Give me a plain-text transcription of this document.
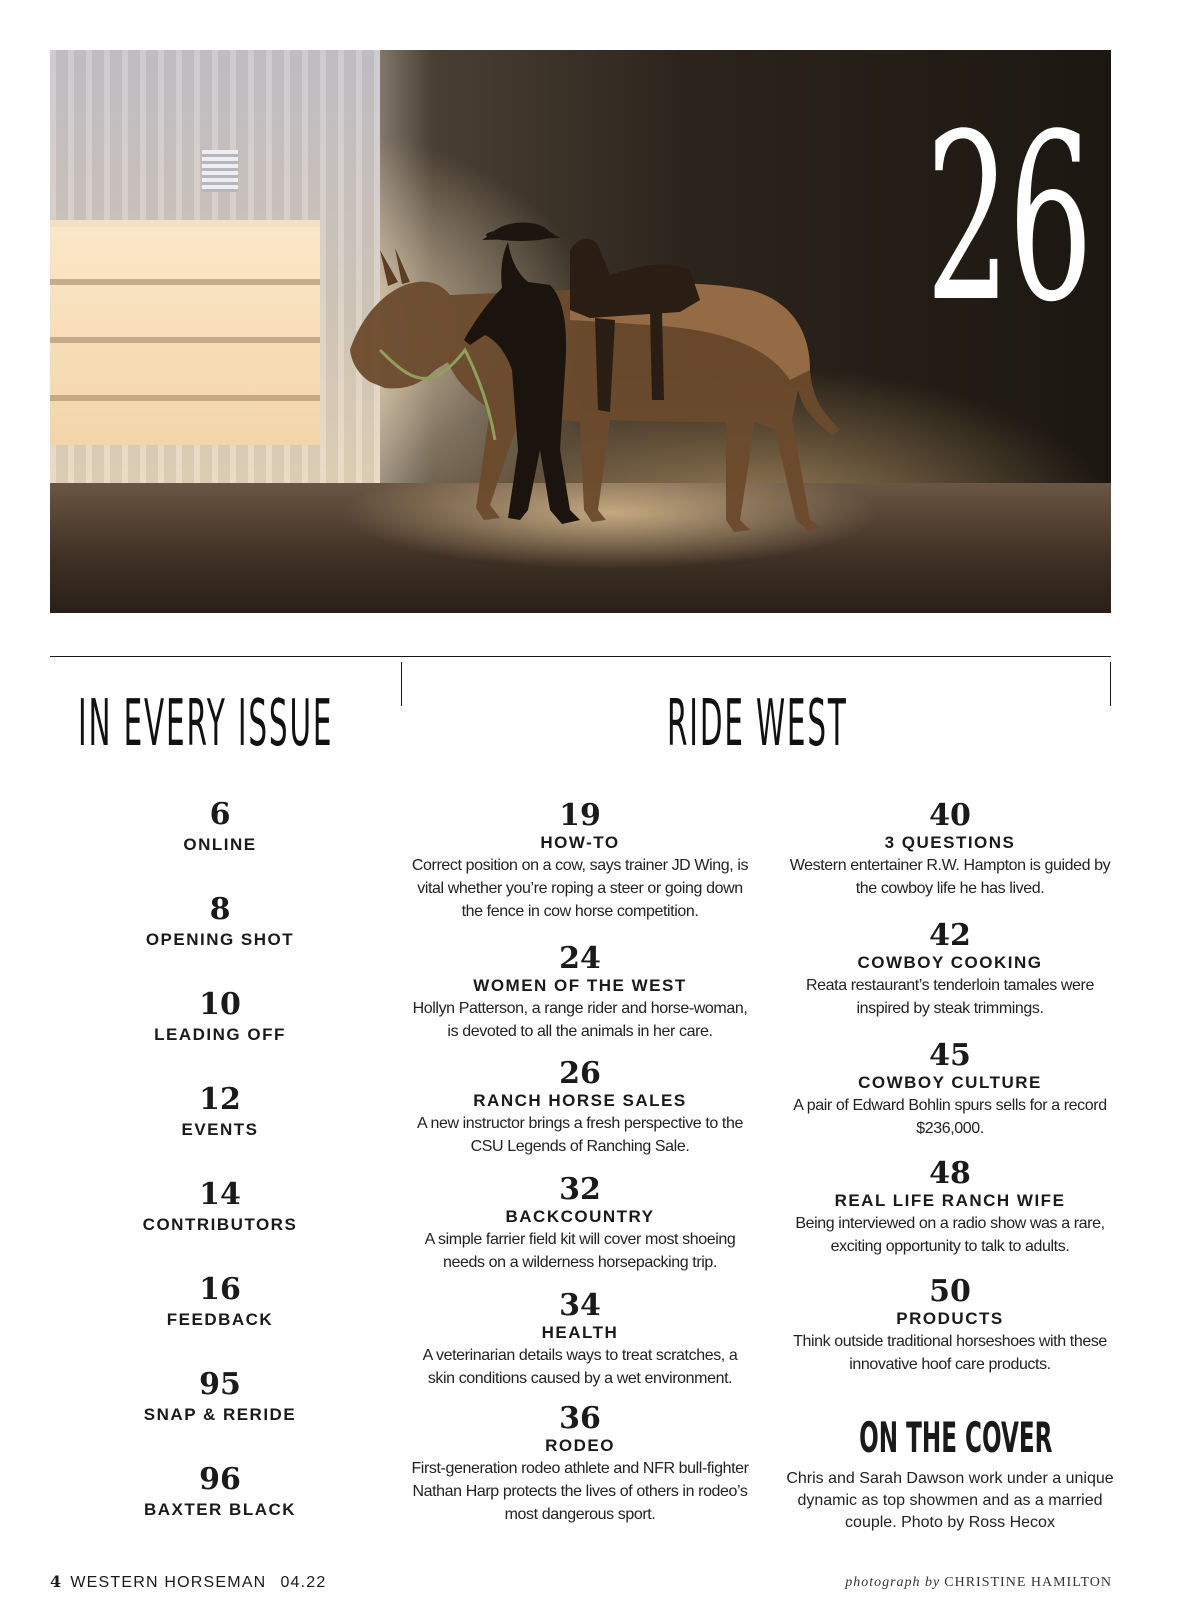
26
IN EVERY ISSUE	RIDE WEST
6
ONLINE
8
OPENING SHOT
10
LEADING OFF
12
EVENTS
14
CONTRIBUTORS
16
FEEDBACK
95
SNAP & RERIDE
96
BAXTER BLACK
19
HOW-TO
Correct position on a cow, says trainer JD Wing, is vital whether you’re roping a steer or going down the fence in cow horse competition.
24
WOMEN OF THE WEST
Hollyn Patterson, a range rider and horse-woman, is devoted to all the animals in her care.
26
RANCH HORSE SALES
A new instructor brings a fresh perspective to the CSU Legends of Ranching Sale.
32
BACKCOUNTRY
A simple farrier field kit will cover most shoeing needs on a wilderness horsepacking trip.
34
HEALTH
A veterinarian details ways to treat scratches, a skin conditions caused by a wet environment.
36
RODEO
First-generation rodeo athlete and NFR bull-fighter Nathan Harp protects the lives of others in rodeo’s most dangerous sport.
40
3 QUESTIONS
Western entertainer R.W. Hampton is guided by the cowboy life he has lived.
42
COWBOY COOKING
Reata restaurant’s tenderloin tamales were inspired by steak trimmings.
45
COWBOY CULTURE
A pair of Edward Bohlin spurs sells for a record $236,000.
48
REAL LIFE RANCH WIFE
Being interviewed on a radio show was a rare, exciting opportunity to talk to adults.
50
PRODUCTS
Think outside traditional horseshoes with these innovative hoof care products.
ON THE COVER
Chris and Sarah Dawson work under a unique dynamic as top showmen and as a married couple. Photo by Ross Hecox
4 WESTERN HORSEMAN 04.22	photograph by CHRISTINE HAMILTON
